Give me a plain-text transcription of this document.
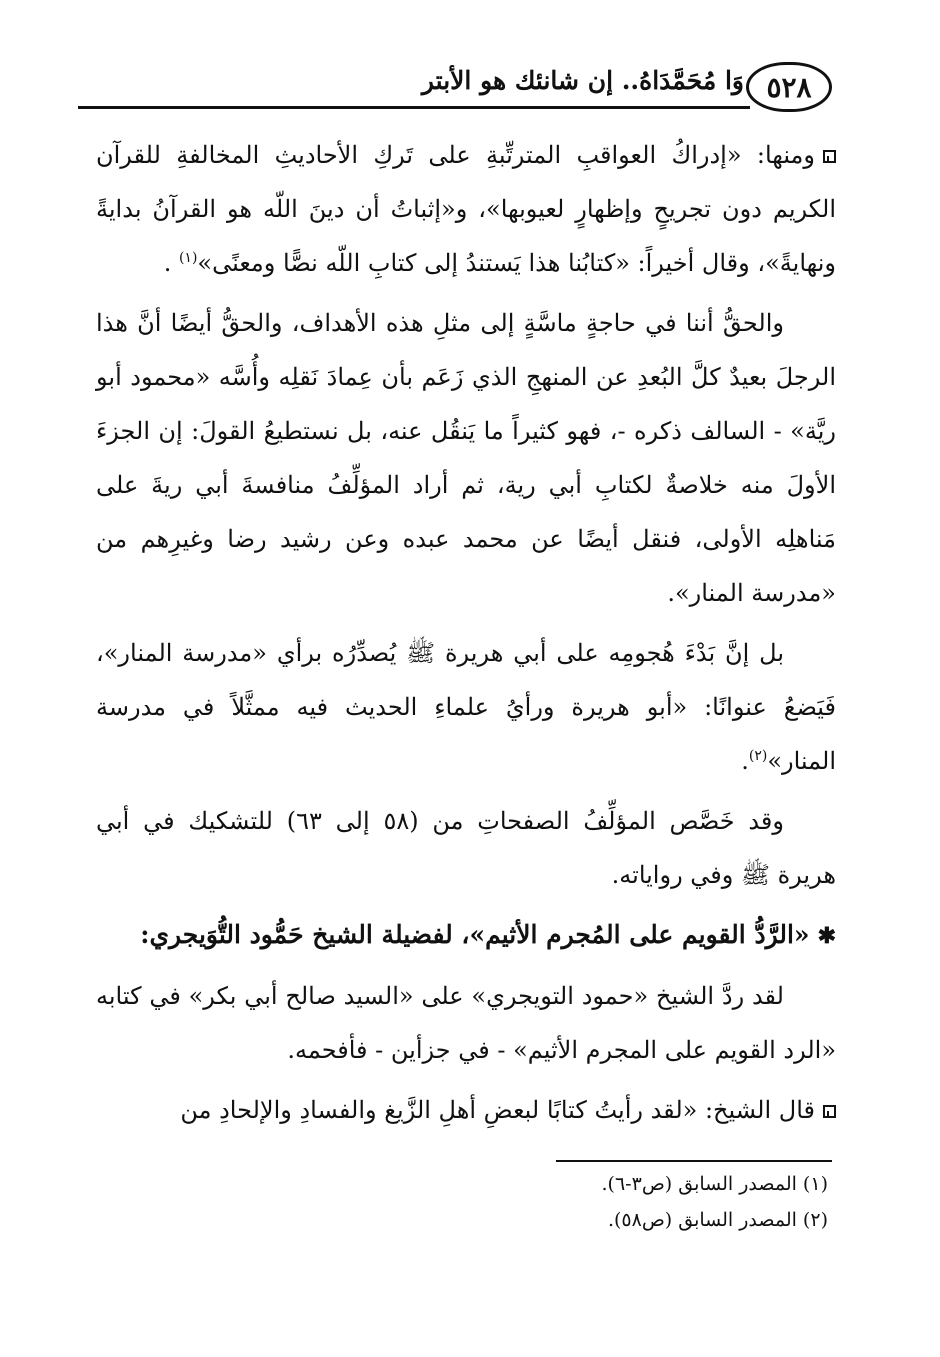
٥٢٨
وَا مُحَمَّدَاهُ.. إن شانئك هو الأبتر

ومنها: «إدراكُ العواقبِ المترتِّبةِ على تَركِ الأحاديثِ المخالفةِ للقرآن الكريم دون تجريحٍ وإظهارٍ لعيوبها»، و«إثباتُ أن دينَ اللّه هو القرآنُ بدايةً ونهايةً»، وقال أخيراً: «كتابُنا هذا يَستندُ إلى كتابِ اللّه نصًّا ومعنًى»$^{(١)}$ .

والحقُّ أننا في حاجةٍ ماسَّةٍ إلى مثلِ هذه الأهداف، والحقُّ أيضًا أنَّ هذا الرجلَ بعيدٌ كلَّ البُعدِ عن المنهجِ الذي زَعَم بأن عِمادَ نَقلِه وأُسَّه «محمود أبو ريَّة» - السالف ذكره -، فهو كثيراً ما يَنقُل عنه، بل نستطيعُ القولَ: إن الجزءَ الأولَ منه خلاصةٌ لكتابِ أبي رية، ثم أراد المؤلِّفُ منافسةَ أبي ريةَ على مَناهلِه الأولى، فنقل أيضًا عن محمد عبده وعن رشيد رضا وغيرِهم من «مدرسة المنار».

بل إنَّ بَدْءَ هُجومِه على أبي هريرة ﷺ يُصدِّرُه برأي «مدرسة المنار»، فَيَضعُ عنوانًا: «أبو هريرة ورأيُ علماءِ الحديث فيه ممثَّلاً في مدرسة المنار»$^{(٢)}$.

وقد خَصَّص المؤلِّفُ الصفحاتِ من (٥٨ إلى ٦٣) للتشكيك في أبي هريرة ﷺ وفي رواياته.

✱«الرَّدُّ القويم على المُجرم الأثيم»، لفضيلة الشيخ حَمُّود التُّوَيجري:

لقد ردَّ الشيخ «حمود التويجري» على «السيد صالح أبي بكر» في كتابه «الرد القويم على المجرم الأثيم» - في جزأين - فأفحمه.

قال الشيخ: «لقد رأيتُ كتابًا لبعضِ أهلِ الزَّيغ والفسادِ والإلحادِ من

(١) المصدر السابق (ص٣-٦).

(٢) المصدر السابق (ص٥٨).
